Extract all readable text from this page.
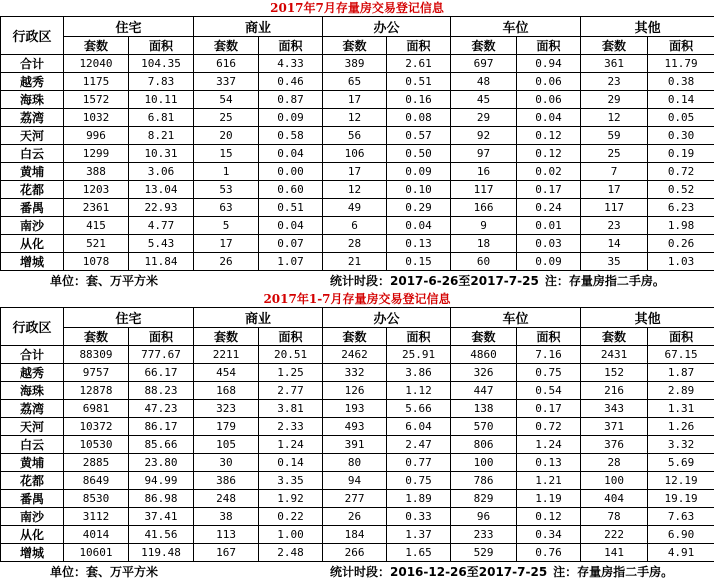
2017年7月存量房交易登记信息
行政区	住宅		商业		办公		车位		其他	
	套数	面积	套数	面积	套数	面积	套数	面积	套数	面积
合计	12040	104.35	616	4.33	389	2.61	697	0.94	361	11.79
越秀	1175	7.83	337	0.46	65	0.51	48	0.06	23	0.38
海珠	1572	10.11	54	0.87	17	0.16	45	0.06	29	0.14
荔湾	1032	6.81	25	0.09	12	0.08	29	0.04	12	0.05
天河	996	8.21	20	0.58	56	0.57	92	0.12	59	0.30
白云	1299	10.31	15	0.04	106	0.50	97	0.12	25	0.19
黄埔	388	3.06	1	0.00	17	0.09	16	0.02	7	0.72
花都	1203	13.04	53	0.60	12	0.10	117	0.17	17	0.52
番禺	2361	22.93	63	0.51	49	0.29	166	0.24	117	6.23
南沙	415	4.77	5	0.04	6	0.04	9	0.01	23	1.98
从化	521	5.43	17	0.07	28	0.13	18	0.03	14	0.26
增城	1078	11.84	26	1.07	21	0.15	60	0.09	35	1.03
单位：套、万平方米	统计时段：2017-6-26至2017-7-25 注：存量房指二手房。
2017年1-7月存量房交易登记信息
行政区	住宅		商业		办公		车位		其他	
	套数	面积	套数	面积	套数	面积	套数	面积	套数	面积
合计	88309	777.67	2211	20.51	2462	25.91	4860	7.16	2431	67.15
越秀	9757	66.17	454	1.25	332	3.86	326	0.75	152	1.87
海珠	12878	88.23	168	2.77	126	1.12	447	0.54	216	2.89
荔湾	6981	47.23	323	3.81	193	5.66	138	0.17	343	1.31
天河	10372	86.17	179	2.33	493	6.04	570	0.72	371	1.26
白云	10530	85.66	105	1.24	391	2.47	806	1.24	376	3.32
黄埔	2885	23.80	30	0.14	80	0.77	100	0.13	28	5.69
花都	8649	94.99	386	3.35	94	0.75	786	1.21	100	12.19
番禺	8530	86.98	248	1.92	277	1.89	829	1.19	404	19.19
南沙	3112	37.41	38	0.22	26	0.33	96	0.12	78	7.63
从化	4014	41.56	113	1.00	184	1.37	233	0.34	222	6.90
增城	10601	119.48	167	2.48	266	1.65	529	0.76	141	4.91
单位：套、万平方米	统计时段：2016-12-26至2017-7-25 注：存量房指二手房。
